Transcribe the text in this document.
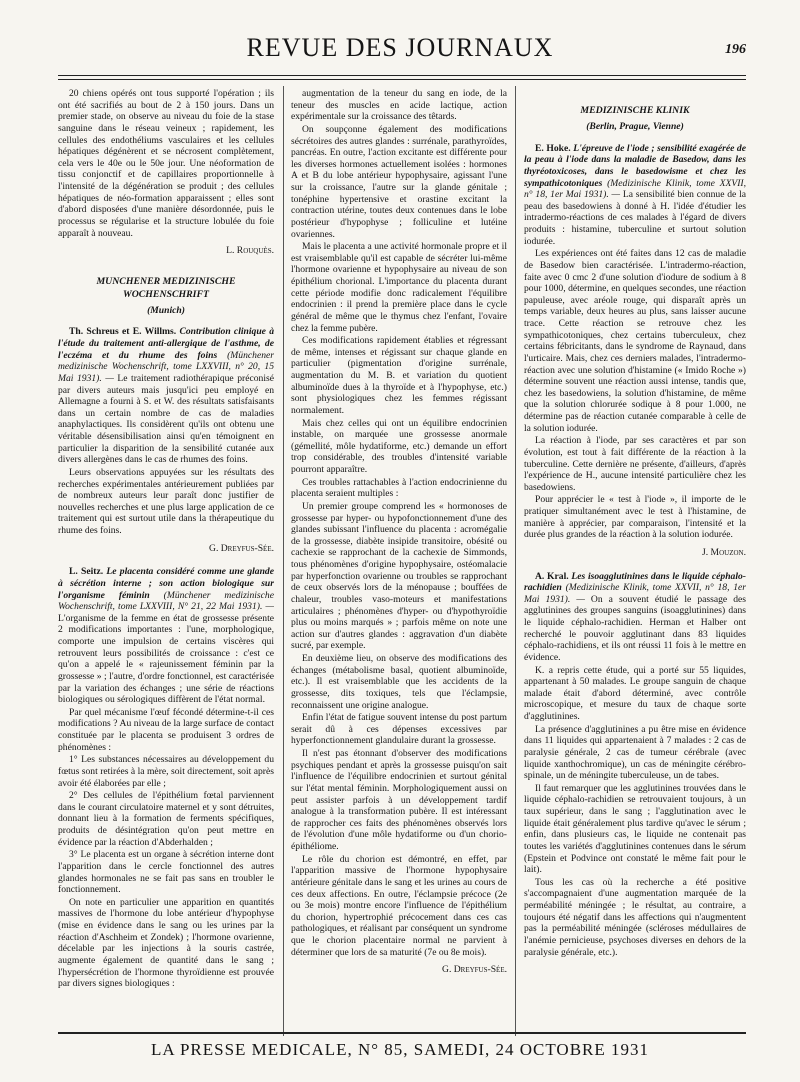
REVUE DES JOURNAUX	196

20 chiens opérés ont tous supporté l'opération ; ils ont été sacrifiés au bout de 2 à 150 jours. Dans un premier stade, on observe au niveau du foie de la stase sanguine dans le réseau veineux ; rapidement, les cellules des endothéliums vasculaires et les cellules hépatiques dégénèrent et se nécrosent complètement, cela vers le 40e ou le 50e jour. Une néoformation de tissu conjonctif et de capillaires proportionnelle à l'intensité de la dégénération se produit ; des cellules hépatiques de néo-formation apparaissent ; elles sont d'abord disposées d'une manière désordonnée, puis le processus se régularise et la structure lobulée du foie apparaît à nouveau.

L. Rouquès.

MUNCHENER MEDIZINISCHE WOCHENSCHRIFT

(Munich)

Th. Schreus et E. Willms. Contribution clinique à l'étude du traitement anti-allergique de l'asthme, de l'eczéma et du rhume des foins (Münchener medizinische Wochenschrift, tome LXXVIII, n° 20, 15 Mai 1931). — Le traitement radiothérapique préconisé par divers auteurs mais jusqu'ici peu employé en Allemagne a fourni à S. et W. des résultats satisfaisants dans un certain nombre de cas de maladies anaphylactiques. Ils considèrent qu'ils ont obtenu une véritable désensibilisation ainsi qu'en témoignent en particulier la disparition de la sensibilité cutanée aux divers allergènes dans le cas de rhumes des foins.

Leurs observations appuyées sur les résultats des recherches expérimentales antérieurement publiées par de nombreux auteurs leur paraît donc justifier de nouvelles recherches et une plus large application de ce traitement qui est surtout utile dans la thérapeutique du rhume des foins.

G. Dreyfus-Sée.

L. Seitz. Le placenta considéré comme une glande à sécrétion interne ; son action biologique sur l'organisme féminin (Münchener medizinische Wochenschrift, tome LXXVIII, N° 21, 22 Mai 1931). — L'organisme de la femme en état de grossesse présente 2 modifications importantes : l'une, morphologique, comporte une impulsion de certains viscères qui retrouvent leurs possibilités de croissance : c'est ce qu'on a appelé le « rajeunissement féminin par la grossesse » ; l'autre, d'ordre fonctionnel, est caractérisée par la variation des échanges ; une série de réactions biologiques ou sérologiques diffèrent de l'état normal.

Par quel mécanisme l'œuf fécondé détermine-t-il ces modifications ? Au niveau de la large surface de contact constituée par le placenta se produisent 3 ordres de phénomènes :

1° Les substances nécessaires au développement du fœtus sont retirées à la mère, soit directement, soit après avoir été élaborées par elle ;

2° Des cellules de l'épithélium fœtal parviennent dans le courant circulatoire maternel et y sont détruites, donnant lieu à la formation de ferments spécifiques, produits de désintégration qu'on peut mettre en évidence par la réaction d'Abderhalden ;

3° Le placenta est un organe à sécrétion interne dont l'apparition dans le cercle fonctionnel des autres glandes hormonales ne se fait pas sans en troubler le fonctionnement.

On note en particulier une apparition en quantités massives de l'hormone du lobe antérieur d'hypophyse (mise en évidence dans le sang ou les urines par la réaction d'Aschheim et Zondek) ; l'hormone ovarienne, décelable par les injections à la souris castrée, augmente également de quantité dans le sang ; l'hypersécrétion de l'hormone thyroïdienne est prouvée par divers signes biologiques :

augmentation de la teneur du sang en iode, de la teneur des muscles en acide lactique, action expérimentale sur la croissance des têtards.

On soupçonne également des modifications sécrétoires des autres glandes : surrénale, parathyroïdes, pancréas. En outre, l'action excitante est différente pour les diverses hormones actuellement isolées : hormones A et B du lobe antérieur hypophysaire, agissant l'une sur la croissance, l'autre sur la glande génitale ; tonéphine hypertensive et orastine excitant la contraction utérine, toutes deux contenues dans le lobe postérieur d'hypophyse ; folliculine et lutéine ovariennes.

Mais le placenta a une activité hormonale propre et il est vraisemblable qu'il est capable de sécréter lui-même l'hormone ovarienne et hypophysaire au niveau de son épithélium chorional. L'importance du placenta durant cette période modifie donc radicalement l'équilibre endocrinien : il prend la première place dans le cycle général de même que le thymus chez l'enfant, l'ovaire chez la femme pubère.

Ces modifications rapidement établies et régressant de même, intenses et régissant sur chaque glande en particulier (pigmentation d'origine surrénale, augmentation du M. B. et variation du quotient albuminoïde dues à la thyroïde et à l'hypophyse, etc.) sont physiologiques chez les femmes régissant normalement.

Mais chez celles qui ont un équilibre endocrinien instable, on marquée une grossesse anormale (gémellité, môle hydatiforme, etc.) demande un effort trop considérable, des troubles d'intensité variable pourront apparaître.

Ces troubles rattachables à l'action endocrinienne du placenta seraient multiples :

Un premier groupe comprend les « hormonoses de grossesse par hyper- ou hypofonctionnement d'une des glandes subissant l'influence du placenta : acromégalie de la grossesse, diabète insipide transitoire, obésité ou cachexie se rapprochant de la cachexie de Simmonds, tous phénomènes d'origine hypophysaire, ostéomalacie par hyperfonction ovarienne ou troubles se rapprochant de ceux observés lors de la ménopause ; bouffées de chaleur, troubles vaso-moteurs et manifestations articulaires ; phénomènes d'hyper- ou d'hypothyroïdie plus ou moins marqués » ; parfois même on note une action sur d'autres glandes : aggravation d'un diabète sucré, par exemple.

En deuxième lieu, on observe des modifications des échanges (métabolisme basal, quotient albuminoïde, etc.). Il est vraisemblable que les accidents de la grossesse, dits toxiques, tels que l'éclampsie, reconnaissent une origine analogue.

Enfin l'état de fatigue souvent intense du post partum serait dû à ces dépenses excessives par hyperfonctionnement glandulaire durant la grossesse.

Il n'est pas étonnant d'observer des modifications psychiques pendant et après la grossesse puisqu'on sait l'influence de l'équilibre endocrinien et surtout génital sur l'état mental féminin. Morphologiquement aussi on peut assister parfois à un développement tardif analogue à la transformation pubère. Il est intéressant de rapprocher ces faits des phénomènes observés lors de l'évolution d'une môle hydatiforme ou d'un chorio-épithéliome.

Le rôle du chorion est démontré, en effet, par l'apparition massive de l'hormone hypophysaire antérieure génitale dans le sang et les urines au cours de ces deux affections. En outre, l'éclampsie précoce (2e ou 3e mois) montre encore l'influence de l'épithélium du chorion, hypertrophié précocement dans ces cas pathologiques, et réalisant par conséquent un syndrome que le chorion placentaire normal ne parvient à déterminer que lors de sa maturité (7e ou 8e mois).

G. Dreyfus-Sée.

MEDIZINISCHE KLINIK

(Berlin, Prague, Vienne)

E. Hoke. L'épreuve de l'iode ; sensibilité exagérée de la peau à l'iode dans la maladie de Basedow, dans les thyréotoxicoses, dans le basedowisme et chez les sympathicotoniques (Medizinische Klinik, tome XXVII, n° 18, 1er Mai 1931). — La sensibilité bien connue de la peau des basedowiens à donné à H. l'idée d'étudier les intradermo-réactions de ces malades à l'égard de divers produits : histamine, tuberculine et surtout solution iodurée.

Les expériences ont été faites dans 12 cas de maladie de Basedow bien caractérisée. L'intradermo-réaction, faite avec 0 cmc 2 d'une solution d'iodure de sodium à 8 pour 1000, détermine, en quelques secondes, une réaction papuleuse, avec aréole rouge, qui disparaît après un temps variable, deux heures au plus, sans laisser aucune trace. Cette réaction se retrouve chez les sympathicotoniques, chez certains tuberculeux, chez certains fébricitants, dans le syndrome de Raynaud, dans l'urticaire. Mais, chez ces derniers malades, l'intradermo-réaction avec une solution d'histamine (« Imido Roche ») détermine souvent une réaction aussi intense, tandis que, chez les basedowiens, la solution d'histamine, de même que la solution chlorurée sodique à 8 pour 1.000, ne détermine pas de réaction cutanée comparable à celle de la solution iodurée.

La réaction à l'iode, par ses caractères et par son évolution, est tout à fait différente de la réaction à la tuberculine. Cette dernière ne présente, d'ailleurs, d'après l'expérience de H., aucune intensité particulière chez les basedowiens.

Pour apprécier le « test à l'iode », il importe de le pratiquer simultanément avec le test à l'histamine, de manière à apprécier, par comparaison, l'intensité et la durée plus grandes de la réaction à la solution iodurée.

J. Mouzon.

A. Kral. Les isoagglutinines dans le liquide céphalo-rachidien (Medizinische Klinik, tome XXVII, n° 18, 1er Mai 1931). — On a souvent étudié le passage des agglutinines des groupes sanguins (isoagglutinines) dans le liquide céphalo-rachidien. Herman et Halber ont recherché le pouvoir agglutinant dans 83 liquides céphalo-rachidiens, et ils ont réussi 11 fois à le mettre en évidence.

K. a repris cette étude, qui a porté sur 55 liquides, appartenant à 50 malades. Le groupe sanguin de chaque malade était d'abord déterminé, avec contrôle microscopique, et mesure du taux de chaque sorte d'agglutinines.

La présence d'agglutinines a pu être mise en évidence dans 11 liquides qui appartenaient à 7 malades : 2 cas de paralysie générale, 2 cas de tumeur cérébrale (avec liquide xanthochromique), un cas de méningite cérébro-spinale, un de méningite tuberculeuse, un de tabes.

Il faut remarquer que les agglutinines trouvées dans le liquide céphalo-rachidien se retrouvaient toujours, à un taux supérieur, dans le sang ; l'agglutination avec le liquide était généralement plus tardive qu'avec le sérum ; enfin, dans plusieurs cas, le liquide ne contenait pas toutes les variétés d'agglutinines contenues dans le sérum (Epstein et Podvince ont constaté le même fait pour le lait).

Tous les cas où la recherche a été positive s'accompagnaient d'une augmentation marquée de la perméabilité méningée ; le résultat, au contraire, a toujours été négatif dans les affections qui n'augmentent pas la perméabilité méningée (scléroses médullaires de l'anémie pernicieuse, psychoses diverses en dehors de la paralysie générale, etc.).

LA PRESSE MEDICALE, N° 85, SAMEDI, 24 OCTOBRE 1931
